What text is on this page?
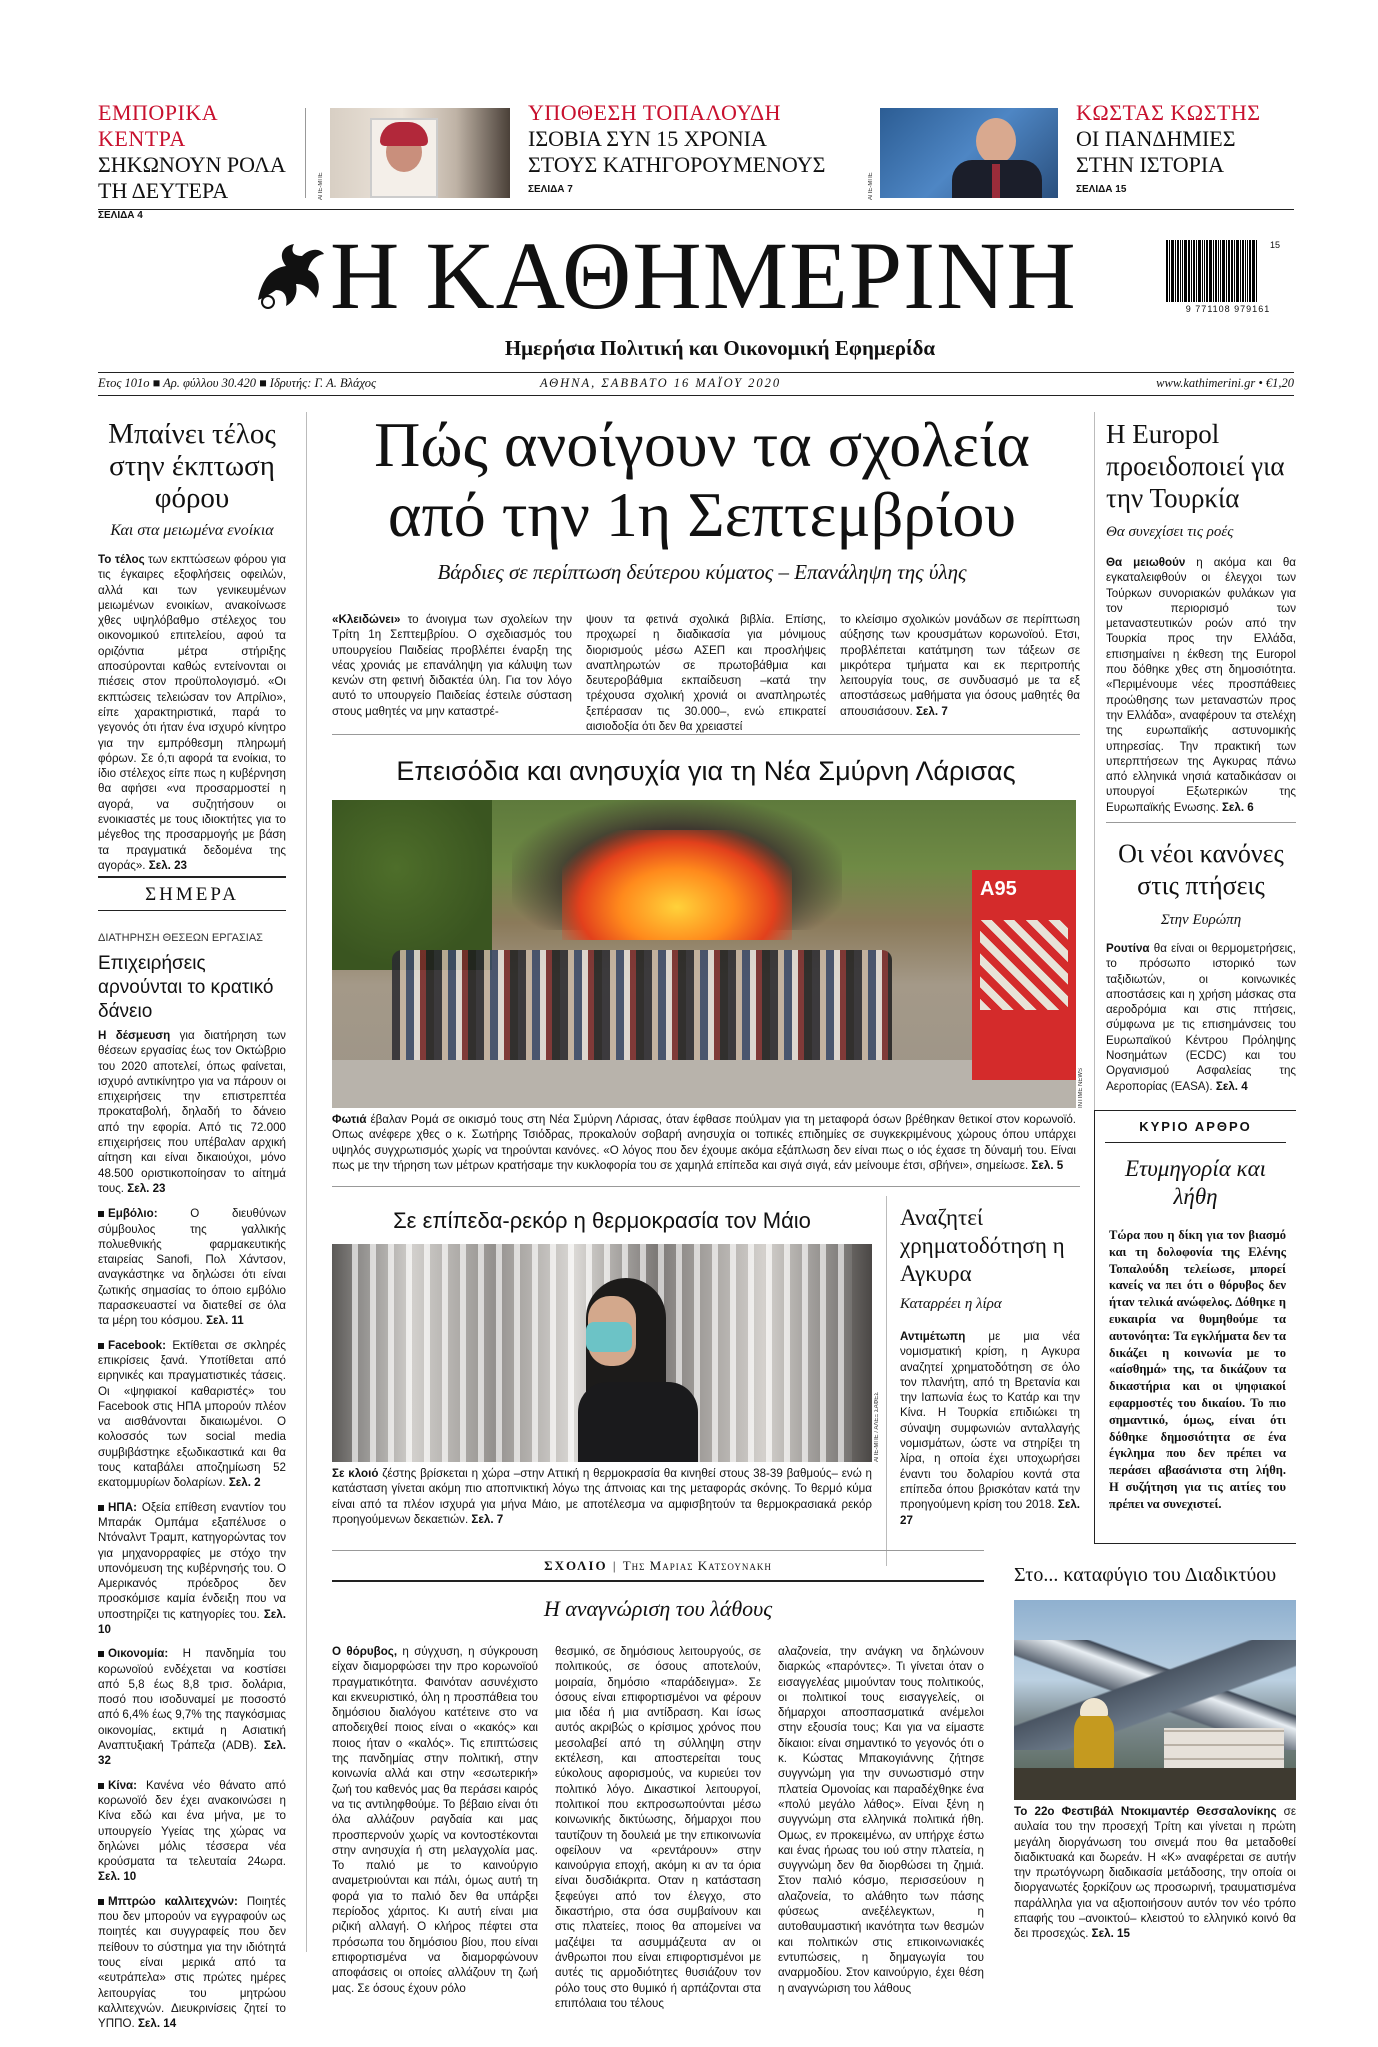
ΕΜΠΟΡΙΚΑ ΚΕΝΤΡΑ
ΣΗΚΩΝΟΥΝ ΡΟΛΑ ΤΗ ΔΕΥΤΕΡΑ
ΣΕΛΙΔΑ 4
ΑΠΕ-ΜΠΕ
ΥΠΟΘΕΣΗ ΤΟΠΑΛΟΥΔΗ
ΙΣΟΒΙΑ ΣΥΝ 15 ΧΡΟΝΙΑ ΣΤΟΥΣ ΚΑΤΗΓΟΡΟΥΜΕΝΟΥΣ
ΣΕΛΙΔΑ 7	ΑΠΕ-ΜΠΕ
ΚΩΣΤΑΣ ΚΩΣΤΗΣ
ΟΙ ΠΑΝΔΗΜΙΕΣ ΣΤΗΝ ΙΣΤΟΡΙΑ
ΣΕΛΙΔΑ 15
Η ΚΑΘΗΜΕΡΙΝΗ
Ημερήσια Πολιτική και Οικονομική Εφημερίδα
9 771108 979161
15
Ετος 101ο ■ Αρ. φύλλου 30.420 ■ Ιδρυτής: Γ. Α. Βλάχος	ΑΘΗΝΑ, ΣΑΒΒΑΤΟ 16 ΜΑΪΟΥ 2020	www.kathimerini.gr • €1,20
Μπαίνει τέλος στην έκπτωση φόρου
Και στα μειωμένα ενοίκια
Το τέλος των εκπτώσεων φόρου για τις έγκαιρες εξοφλήσεις οφειλών, αλλά και των γενικευμένων μειωμένων ενοικίων, ανακοίνωσε χθες υψηλόβαθμο στέλεχος του οικονομικού επιτελείου, αφού τα οριζόντια μέτρα στήριξης αποσύρονται καθώς εντείνονται οι πιέσεις στον προϋπολογισμό. «Οι εκπτώσεις τελειώσαν τον Απρίλιο», είπε χαρακτηριστικά, παρά το γεγονός ότι ήταν ένα ισχυρό κίνητρο για την εμπρόθεσμη πληρωμή φόρων. Σε ό,τι αφορά τα ενοίκια, το ίδιο στέλεχος είπε πως η κυβέρνηση θα αφήσει «να προσαρμοστεί η αγορά, να συζητήσουν οι ενοικιαστές με τους ιδιοκτήτες για το μέγεθος της προσαρμογής με βάση τα πραγματικά δεδομένα της αγοράς». Σελ. 23
ΣΗΜΕΡΑ
ΔΙΑΤΗΡΗΣΗ ΘΕΣΕΩΝ ΕΡΓΑΣΙΑΣ
Επιχειρήσεις αρνούνται το κρατικό δάνειο
Η δέσμευση για διατήρηση των θέσεων εργασίας έως τον Οκτώβριο του 2020 αποτελεί, όπως φαίνεται, ισχυρό αντικίνητρο για να πάρουν οι επιχειρήσεις την επιστρεπτέα προκαταβολή, δηλαδή το δάνειο από την εφορία. Από τις 72.000 επιχειρήσεις που υπέβαλαν αρχική αίτηση και είναι δικαιούχοι, μόνο 48.500 οριστικοποίησαν το αίτημά τους. Σελ. 23
Εμβόλιο: Ο διευθύνων σύμβουλος της γαλλικής πολυεθνικής φαρμακευτικής εταιρείας Sanofi, Πολ Χάντσον, αναγκάστηκε να δηλώσει ότι είναι ζωτικής σημασίας το όποιο εμβόλιο παρασκευαστεί να διατεθεί σε όλα τα μέρη του κόσμου. Σελ. 11
Facebook: Εκτίθεται σε σκληρές επικρίσεις ξανά. Υποτίθεται από ειρηνικές και πραγματιστικές τάσεις. Οι «ψηφιακοί καθαριστές» του Facebook στις ΗΠΑ μπορούν πλέον να αισθάνονται δικαιωμένοι. Ο κολοσσός των social media συμβιβάστηκε εξωδικαστικά και θα τους καταβάλει αποζημίωση 52 εκατομμυρίων δολαρίων. Σελ. 2
ΗΠΑ: Οξεία επίθεση εναντίον του Μπαράκ Ομπάμα εξαπέλυσε ο Ντόναλντ Τραμπ, κατηγορώντας τον για μηχανορραφίες με στόχο την υπονόμευση της κυβέρνησής του. Ο Αμερικανός πρόεδρος δεν προσκόμισε καμία ένδειξη που να υποστηρίζει τις κατηγορίες του. Σελ. 10
Οικονομία: Η πανδημία του κορωνοϊού ενδέχεται να κοστίσει από 5,8 έως 8,8 τρισ. δολάρια, ποσό που ισοδυναμεί με ποσοστό από 6,4% έως 9,7% της παγκόσμιας οικονομίας, εκτιμά η Ασιατική Αναπτυξιακή Τράπεζα (ADB). Σελ. 32
Κίνα: Κανένα νέο θάνατο από κορωνοϊό δεν έχει ανακοινώσει η Κίνα εδώ και ένα μήνα, με το υπουργείο Υγείας της χώρας να δηλώνει μόλις τέσσερα νέα κρούσματα τα τελευταία 24ωρα. Σελ. 10
Μπτρώο καλλιτεχνών: Ποιητές που δεν μπορούν να εγγραφούν ως ποιητές και συγγραφείς που δεν πείθουν το σύστημα για την ιδιότητά τους είναι μερικά από τα «ευτράπελα» στις πρώτες ημέρες λειτουργίας του μητρώου καλλιτεχνών. Διευκρινίσεις ζητεί το ΥΠΠΟ. Σελ. 14
Πώς ανοίγουν τα σχολεία
από την 1η Σεπτεμβρίου
Βάρδιες σε περίπτωση δεύτερου κύματος – Επανάληψη της ύλης
«Κλειδώνει» το άνοιγμα των σχολείων την Τρίτη 1η Σεπτεμβρίου. Ο σχεδιασμός του υπουργείου Παιδείας προβλέπει έναρξη της νέας χρονιάς με επανάληψη για κάλυψη των κενών στη φετινή διδακτέα ύλη. Για τον λόγο αυτό το υπουργείο Παιδείας έστειλε σύσταση στους μαθητές να μην καταστρέ-
ψουν τα φετινά σχολικά βιβλία. Επίσης, προχωρεί η διαδικασία για μόνιμους διορισμούς μέσω ΑΣΕΠ και προσλήψεις αναπληρωτών σε πρωτοβάθμια και δευτεροβάθμια εκπαίδευση –κατά την τρέχουσα σχολική χρονιά οι αναπληρωτές ξεπέρασαν τις 30.000–, ενώ επικρατεί αισιοδοξία ότι δεν θα χρειαστεί
το κλείσιμο σχολικών μονάδων σε περίπτωση αύξησης των κρουσμάτων κορωνοϊού. Ετσι, προβλέπεται κατάτμηση των τάξεων σε μικρότερα τμήματα και εκ περιτροπής λειτουργία τους, σε συνδυασμό με τα εξ αποστάσεως μαθήματα για όσους μαθητές θα απουσιάσουν. Σελ. 7
Επεισόδια και ανησυχία για τη Νέα Σμύρνη Λάρισας
A95
INTIME NEWS
Φωτιά έβαλαν Ρομά σε οικισμό τους στη Νέα Σμύρνη Λάρισας, όταν έφθασε πούλμαν για τη μεταφορά όσων βρέθηκαν θετικοί στον κορωνοϊό. Οπως ανέφερε χθες ο κ. Σωτήρης Τσιόδρας, προκαλούν σοβαρή ανησυχία οι τοπικές επιδημίες σε συγκεκριμένους χώρους όπου υπάρχει υψηλός συγχρωτισμός χωρίς να τηρούνται κανόνες. «Ο λόγος που δεν έχουμε ακόμα εξάπλωση δεν είναι πως ο ιός έχασε τη δύναμή του. Είναι πως με την τήρηση των μέτρων κρατήσαμε την κυκλοφορία του σε χαμηλά επίπεδα και σιγά σιγά, εάν μείνουμε έτσι, σβήνει», σημείωσε. Σελ. 5
Σε επίπεδα-ρεκόρ η θερμοκρασία τον Μάιο
ΑΠΕ-ΜΠΕ / ΑΛΕΞ ΣΑΦΕΣ
Σε κλοιό ζέστης βρίσκεται η χώρα –στην Αττική η θερμοκρασία θα κινηθεί στους 38-39 βαθμούς– ενώ η κατάσταση γίνεται ακόμη πιο αποπνικτική λόγω της άπνοιας και της μεταφοράς σκόνης. Το θερμό κύμα είναι από τα πλέον ισχυρά για μήνα Μάιο, με αποτέλεσμα να αμφισβητούν τα θερμοκρασιακά ρεκόρ προηγούμενων δεκαετιών. Σελ. 7
Αναζητεί χρηματοδότηση η Αγκυρα
Καταρρέει η λίρα
Αντιμέτωπη με μια νέα νομισματική κρίση, η Αγκυρα αναζητεί χρηματοδότηση σε όλο τον πλανήτη, από τη Βρετανία και την Ιαπωνία έως το Κατάρ και την Κίνα. Η Τουρκία επιδιώκει τη σύναψη συμφωνιών ανταλλαγής νομισμάτων, ώστε να στηρίξει τη λίρα, η οποία έχει υποχωρήσει έναντι του δολαρίου κοντά στα επίπεδα όπου βρισκόταν κατά την προηγούμενη κρίση του 2018. Σελ. 27
ΣΧΟΛΙΟ | Της Μαριας Κατσουνακη
Η αναγνώριση του λάθους
Ο θόρυβος, η σύγχυση, η σύγκρουση είχαν διαμορφώσει την προ κορωνοϊού πραγματικότητα. Φαινόταν ασυνέχιστο και εκνευριστικό, όλη η προσπάθεια του δημόσιου διαλόγου κατέτεινε στο να αποδειχθεί ποιος είναι ο «κακός» και ποιος ήταν ο «καλός». Τις επιπτώσεις της πανδημίας στην πολιτική, στην κοινωνία αλλά και στην «εσωτερική» ζωή του καθενός μας θα περάσει καιρός να τις αντιληφθούμε. Το βέβαιο είναι ότι όλα αλλάζουν ραγδαία και μας προσπερνούν χωρίς να κοντοστέκονται στην ανησυχία ή στη μελαγχολία μας. Το παλιό με το καινούργιο αναμετριούνται και πάλι, όμως αυτή τη φορά για το παλιό δεν θα υπάρξει περίοδος χάριτος. Κι αυτή είναι μια ριζική αλλαγή. Ο κλήρος πέφτει στα πρόσωπα του δημόσιου βίου, που είναι επιφορτισμένα να διαμορφώνουν αποφάσεις οι οποίες αλλάζουν τη ζωή μας. Σε όσους έχουν ρόλο
θεσμικό, σε δημόσιους λειτουργούς, σε πολιτικούς, σε όσους αποτελούν, μοιραία, δημόσιο «παράδειγμα». Σε όσους είναι επιφορτισμένοι να φέρουν μια ιδέα ή μια αντίδραση. Και ίσως αυτός ακριβώς ο κρίσιμος χρόνος που μεσολαβεί από τη σύλληψη στην εκτέλεση, και αποστερείται τους εύκολους αφορισμούς, να κυριεύει τον πολιτικό λόγο. Δικαστικοί λειτουργοί, πολιτικοί που εκπροσωπούνται μέσω κοινωνικής δικτύωσης, δήμαρχοι που ταυτίζουν τη δουλειά με την επικοινωνία οφείλουν να «ρεντάρουν» στην καινούργια εποχή, ακόμη κι αν τα όρια είναι δυσδιάκριτα. Οταν η κατάσταση ξεφεύγει από τον έλεγχο, στο δικαστήριο, στα όσα συμβαίνουν και στις πλατείες, ποιος θα απομείνει να μαζέψει τα ασυμμάζευτα αν οι άνθρωποι που είναι επιφορτισμένοι με αυτές τις αρμοδιότητες θυσιάζουν τον ρόλο τους στο θυμικό ή αρπάζονται στα επιπόλαια του τέλους
αλαζονεία, την ανάγκη να δηλώνουν διαρκώς «παρόντες». Τι γίνεται όταν ο εισαγγελέας μιμούνταν τους πολιτικούς, οι πολιτικοί τους εισαγγελείς, οι δήμαρχοι αποσπασματικά ανέμελοι στην εξουσία τους; Και για να είμαστε δίκαιοι: είναι σημαντικό το γεγονός ότι ο κ. Κώστας Μπακογιάννης ζήτησε συγγνώμη για την συνωστισμό στην πλατεία Ομονοίας και παραδέχθηκε ένα «πολύ μεγάλο λάθος». Είναι ξένη η συγγνώμη στα ελληνικά πολιτικά ήθη. Ομως, εν προκειμένω, αν υπήρχε έστω και ένας ήρωας του ιού στην πλατεία, η συγγνώμη δεν θα διορθώσει τη ζημιά. Στον παλιό κόσμο, περισσεύουν η αλαζονεία, το αλάθητο των πάσης φύσεως ανεξέλεγκτων, η αυτοθαυμαστική ικανότητα των θεσμών και πολιτικών στις επικοινωνιακές εντυπώσεις, η δημαγωγία του αναρμοδίου. Στον καινούργιο, έχει θέση η αναγνώριση του λάθους
Η Europol προειδοποιεί για την Τουρκία
Θα συνεχίσει τις ροές
Θα μειωθούν η ακόμα και θα εγκαταλειφθούν οι έλεγχοι των Τούρκων συνοριακών φυλάκων για τον περιορισμό των μεταναστευτικών ροών από την Τουρκία προς την Ελλάδα, επισημαίνει η έκθεση της Europol που δόθηκε χθες στη δημοσιότητα. «Περιμένουμε νέες προσπάθειες προώθησης των μεταναστών προς την Ελλάδα», αναφέρουν τα στελέχη της ευρωπαϊκής αστυνομικής υπηρεσίας. Την πρακτική των υπερπτήσεων της Αγκυρας πάνω από ελληνικά νησιά καταδικάσαν οι υπουργοί Εξωτερικών της Ευρωπαϊκής Ενωσης. Σελ. 6
Οι νέοι κανόνες στις πτήσεις
Στην Ευρώπη
Ρουτίνα θα είναι οι θερμομετρήσεις, το πρόσωπο ιστορικό των ταξιδιωτών, οι κοινωνικές αποστάσεις και η χρήση μάσκας στα αεροδρόμια και στις πτήσεις, σύμφωνα με τις επισημάνσεις του Ευρωπαϊκού Κέντρου Πρόληψης Νοσημάτων (ECDC) και του Οργανισμού Ασφαλείας της Αεροπορίας (EASA). Σελ. 4
ΚΥΡΙΟ ΑΡΘΡΟ
Ετυμηγορία και λήθη
Τώρα που η δίκη για τον βιασμό και τη δολοφονία της Ελένης Τοπαλούδη τελείωσε, μπορεί κανείς να πει ότι ο θόρυβος δεν ήταν τελικά ανώφελος. Δόθηκε η ευκαιρία να θυμηθούμε τα αυτονόητα: Τα εγκλήματα δεν τα δικάζει η κοινωνία με το «αίσθημά» της, τα δικάζουν τα δικαστήρια και οι ψηφιακοί εφαρμοστές του δικαίου. Το πιο σημαντικό, όμως, είναι ότι δόθηκε δημοσιότητα σε ένα έγκλημα που δεν πρέπει να περάσει αβασάνιστα στη λήθη. Η συζήτηση για τις αιτίες του πρέπει να συνεχιστεί.
Στο... καταφύγιο του Διαδικτύου
Το 22ο Φεστιβάλ Ντοκιμαντέρ Θεσσαλονίκης σε αυλαία του την προσεχή Τρίτη και γίνεται η πρώτη μεγάλη διοργάνωση του σινεμά που θα μεταδοθεί διαδικτυακά και δωρεάν. Η «Κ» αναφέρεται σε αυτήν την πρωτόγνωρη διαδικασία μετάδοσης, την οποία οι διοργανωτές ξορκίζουν ως προσωρινή, τραυματισμένα παράλληλα για να αξιοποιήσουν αυτόν τον νέο τρόπο επαφής του –ανοικτού– κλειστού το ελληνικό κοινό θα δει προσεχώς. Σελ. 15
